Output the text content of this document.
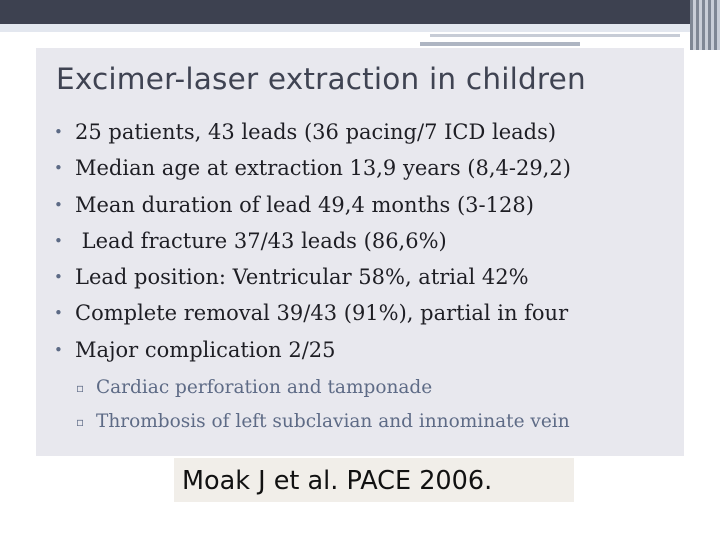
Excimer-laser extraction in children
• 25 patients, 43 leads (36 pacing/7 ICD leads)
• Median age at extraction 13,9 years (8,4-29,2)
• Mean duration of lead 49,4 months (3-128)
• Lead fracture 37/43 leads (86,6%)
• Lead position: Ventricular 58%, atrial 42%
• Complete removal 39/43 (91%), partial in four
• Major complication 2/25
▫ Cardiac perforation and tamponade
▫ Thrombosis of left subclavian and innominate vein
Moak J et al. PACE 2006.
